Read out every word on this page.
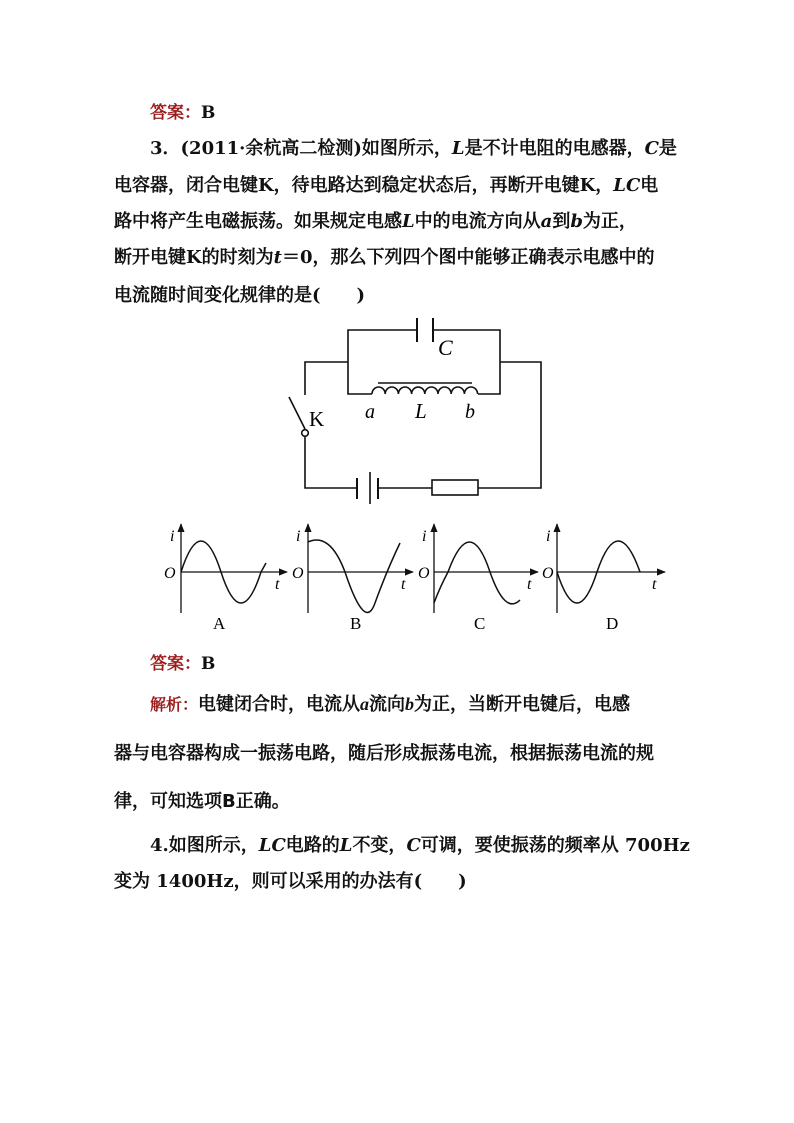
答案：B
3．(2011·余杭高二检测)如图所示，L是不计电阻的电感器，C是
电容器，闭合电键K，待电路达到稳定状态后，再断开电键K，LC电
路中将产生电磁振荡。如果规定电感L中的电流方向从a到b为正，
断开电键K的时刻为t＝0，那么下列四个图中能够正确表示电感中的
电流随时间变化规律的是(　　)
C
K a L b
i
O
t
A
i
O
t
B
i
O
t
C
i
O
t
D
答案：B
解析：电键闭合时，电流从a流向b为正，当断开电键后，电感
器与电容器构成一振荡电路，随后形成振荡电流，根据振荡电流的规
律，可知选项B正确。
4.如图所示，LC电路的L不变，C可调，要使振荡的频率从 700Hz
变为 1400Hz，则可以采用的办法有(　　)
